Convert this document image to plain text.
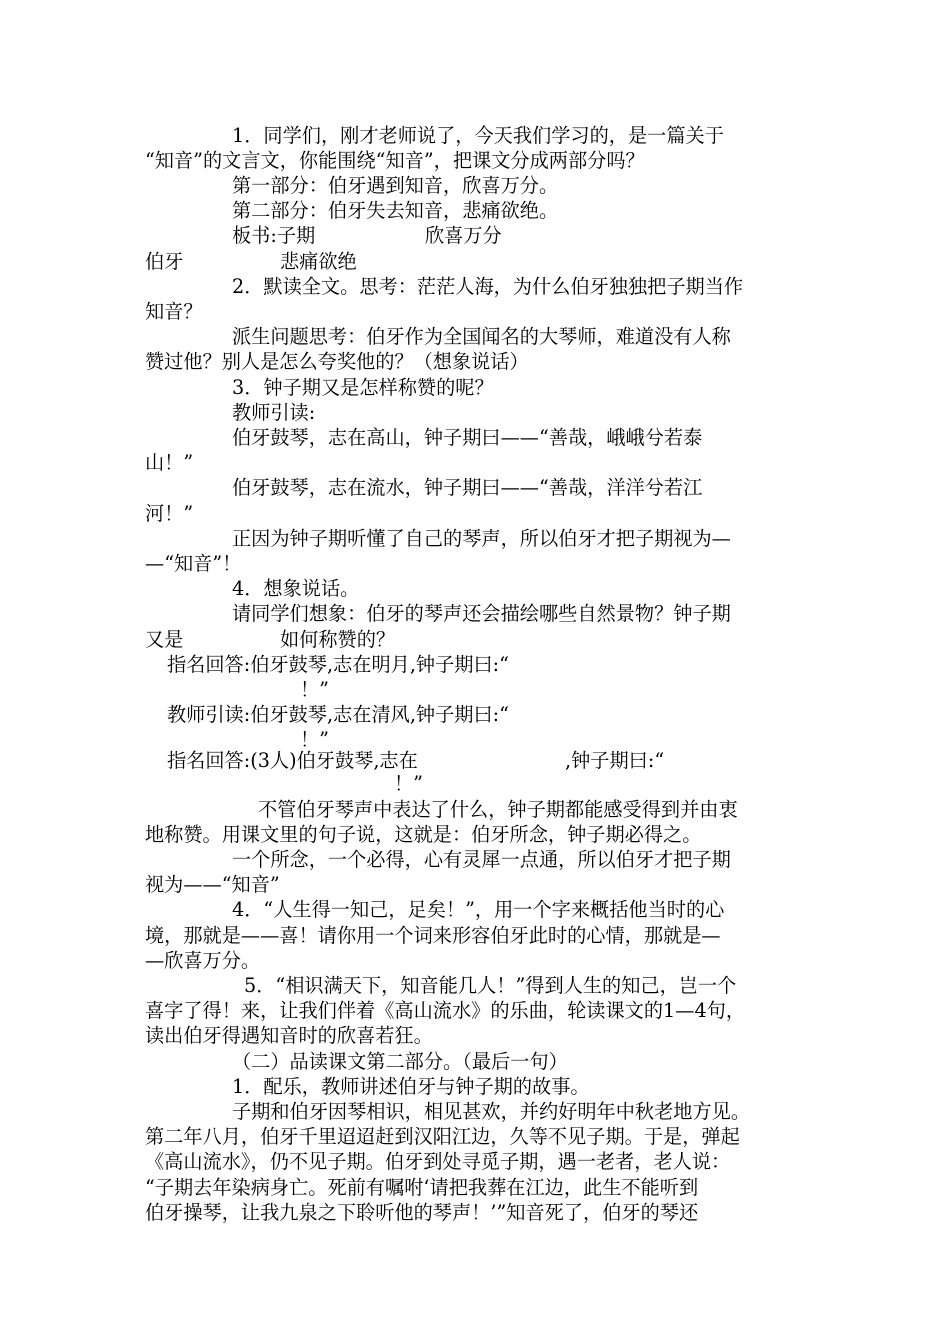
1．同学们，刚才老师说了，今天我们学习的，是一篇关于
“知音”的文言文，你能围绕“知音”，把课文分成两部分吗？
第一部分：伯牙遇到知音，欣喜万分。
第二部分：伯牙失去知音，悲痛欲绝。
板书:子期	欣喜万分
伯牙	悲痛欲绝
2．默读全文。思考：茫茫人海，为什么伯牙独独把子期当作
知音？
派生问题思考：伯牙作为全国闻名的大琴师，难道没有人称
赞过他？别人是怎么夸奖他的？（想象说话）
3．钟子期又是怎样称赞的呢？
教师引读:
伯牙鼓琴，志在高山，钟子期曰——“善哉，峨峨兮若泰
山！”
伯牙鼓琴，志在流水，钟子期曰——“善哉，洋洋兮若江
河！”
正因为钟子期听懂了自己的琴声，所以伯牙才把子期视为—
—“知音”！
4．想象说话。
请同学们想象：伯牙的琴声还会描绘哪些自然景物？钟子期
又是	如何称赞的？
指名回答:伯牙鼓琴,志在明月,钟子期曰:“
！”
教师引读:伯牙鼓琴,志在清风,钟子期曰:“
！”
指名回答:(3人)伯牙鼓琴,志在	,钟子期曰:“
！”
不管伯牙琴声中表达了什么，钟子期都能感受得到并由衷
地称赞。用课文里的句子说，这就是：伯牙所念，钟子期必得之。
一个所念，一个必得，心有灵犀一点通，所以伯牙才把子期
视为——“知音”
4．“人生得一知己，足矣！”，用一个字来概括他当时的心
境，那就是——喜！请你用一个词来形容伯牙此时的心情，那就是—
—欣喜万分。
5．“相识满天下，知音能几人！”得到人生的知己，岂一个
喜字了得！来，让我们伴着《高山流水》的乐曲，轮读课文的1—4句，
读出伯牙得遇知音时的欣喜若狂。
（二）品读课文第二部分。（最后一句）
1．配乐，教师讲述伯牙与钟子期的故事。
子期和伯牙因琴相识，相见甚欢，并约好明年中秋老地方见。
第二年八月，伯牙千里迢迢赶到汉阳江边，久等不见子期。于是，弹起
《高山流水》，仍不见子期。伯牙到处寻觅子期，遇一老者，老人说：
“子期去年染病身亡。死前有嘱咐‘请把我葬在江边，此生不能听到
伯牙操琴，让我九泉之下聆听他的琴声！’”知音死了，伯牙的琴还
